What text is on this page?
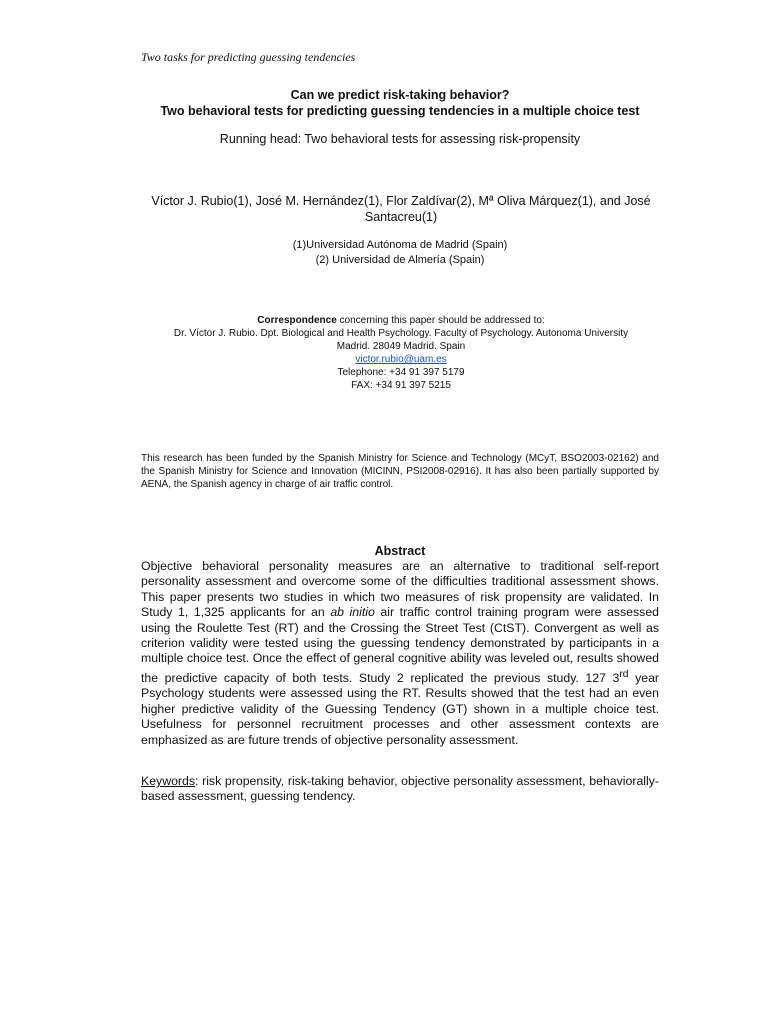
Two tasks for predicting guessing tendencies

Can we predict risk-taking behavior?

Two behavioral tests for predicting guessing tendencies in a multiple choice test

Running head: Two behavioral tests for assessing risk-propensity
Víctor J. Rubio(1), José M. Hernández(1), Flor Zaldívar(2), Mª Oliva Márquez(1), and José Santacreu(1)

(1)Universidad Autónoma de Madrid (Spain)

(2) Universidad de Almería (Spain)

Correspondence concerning this paper should be addressed to:

Dr. Víctor J. Rubio. Dpt. Biological and Health Psychology. Faculty of Psychology. Autonoma University

Madrid. 28049 Madrid. Spain

victor.rubio@uam.es

Telephone: +34 91 397 5179

FAX: +34 91 397 5215

This research has been funded by the Spanish Ministry for Science and Technology (MCyT, BSO2003-02162) and the Spanish Ministry for Science and Innovation (MICINN, PSI2008-02916). It has also been partially supported by AENA, the Spanish agency in charge of air traffic control.
Abstract
Objective behavioral personality measures are an alternative to traditional self-report personality assessment and overcome some of the difficulties traditional assessment shows. This paper presents two studies in which two measures of risk propensity are validated. In Study 1, 1,325 applicants for an ab initio air traffic control training program were assessed using the Roulette Test (RT) and the Crossing the Street Test (CtST). Convergent as well as criterion validity were tested using the guessing tendency demonstrated by participants in a multiple choice test. Once the effect of general cognitive ability was leveled out, results showed the predictive capacity of both tests. Study 2 replicated the previous study. 127 3rd year Psychology students were assessed using the RT. Results showed that the test had an even higher predictive validity of the Guessing Tendency (GT) shown in a multiple choice test. Usefulness for personnel recruitment processes and other assessment contexts are emphasized as are future trends of objective personality assessment.
Keywords: risk propensity, risk-taking behavior, objective personality assessment, behaviorally-based assessment, guessing tendency.
